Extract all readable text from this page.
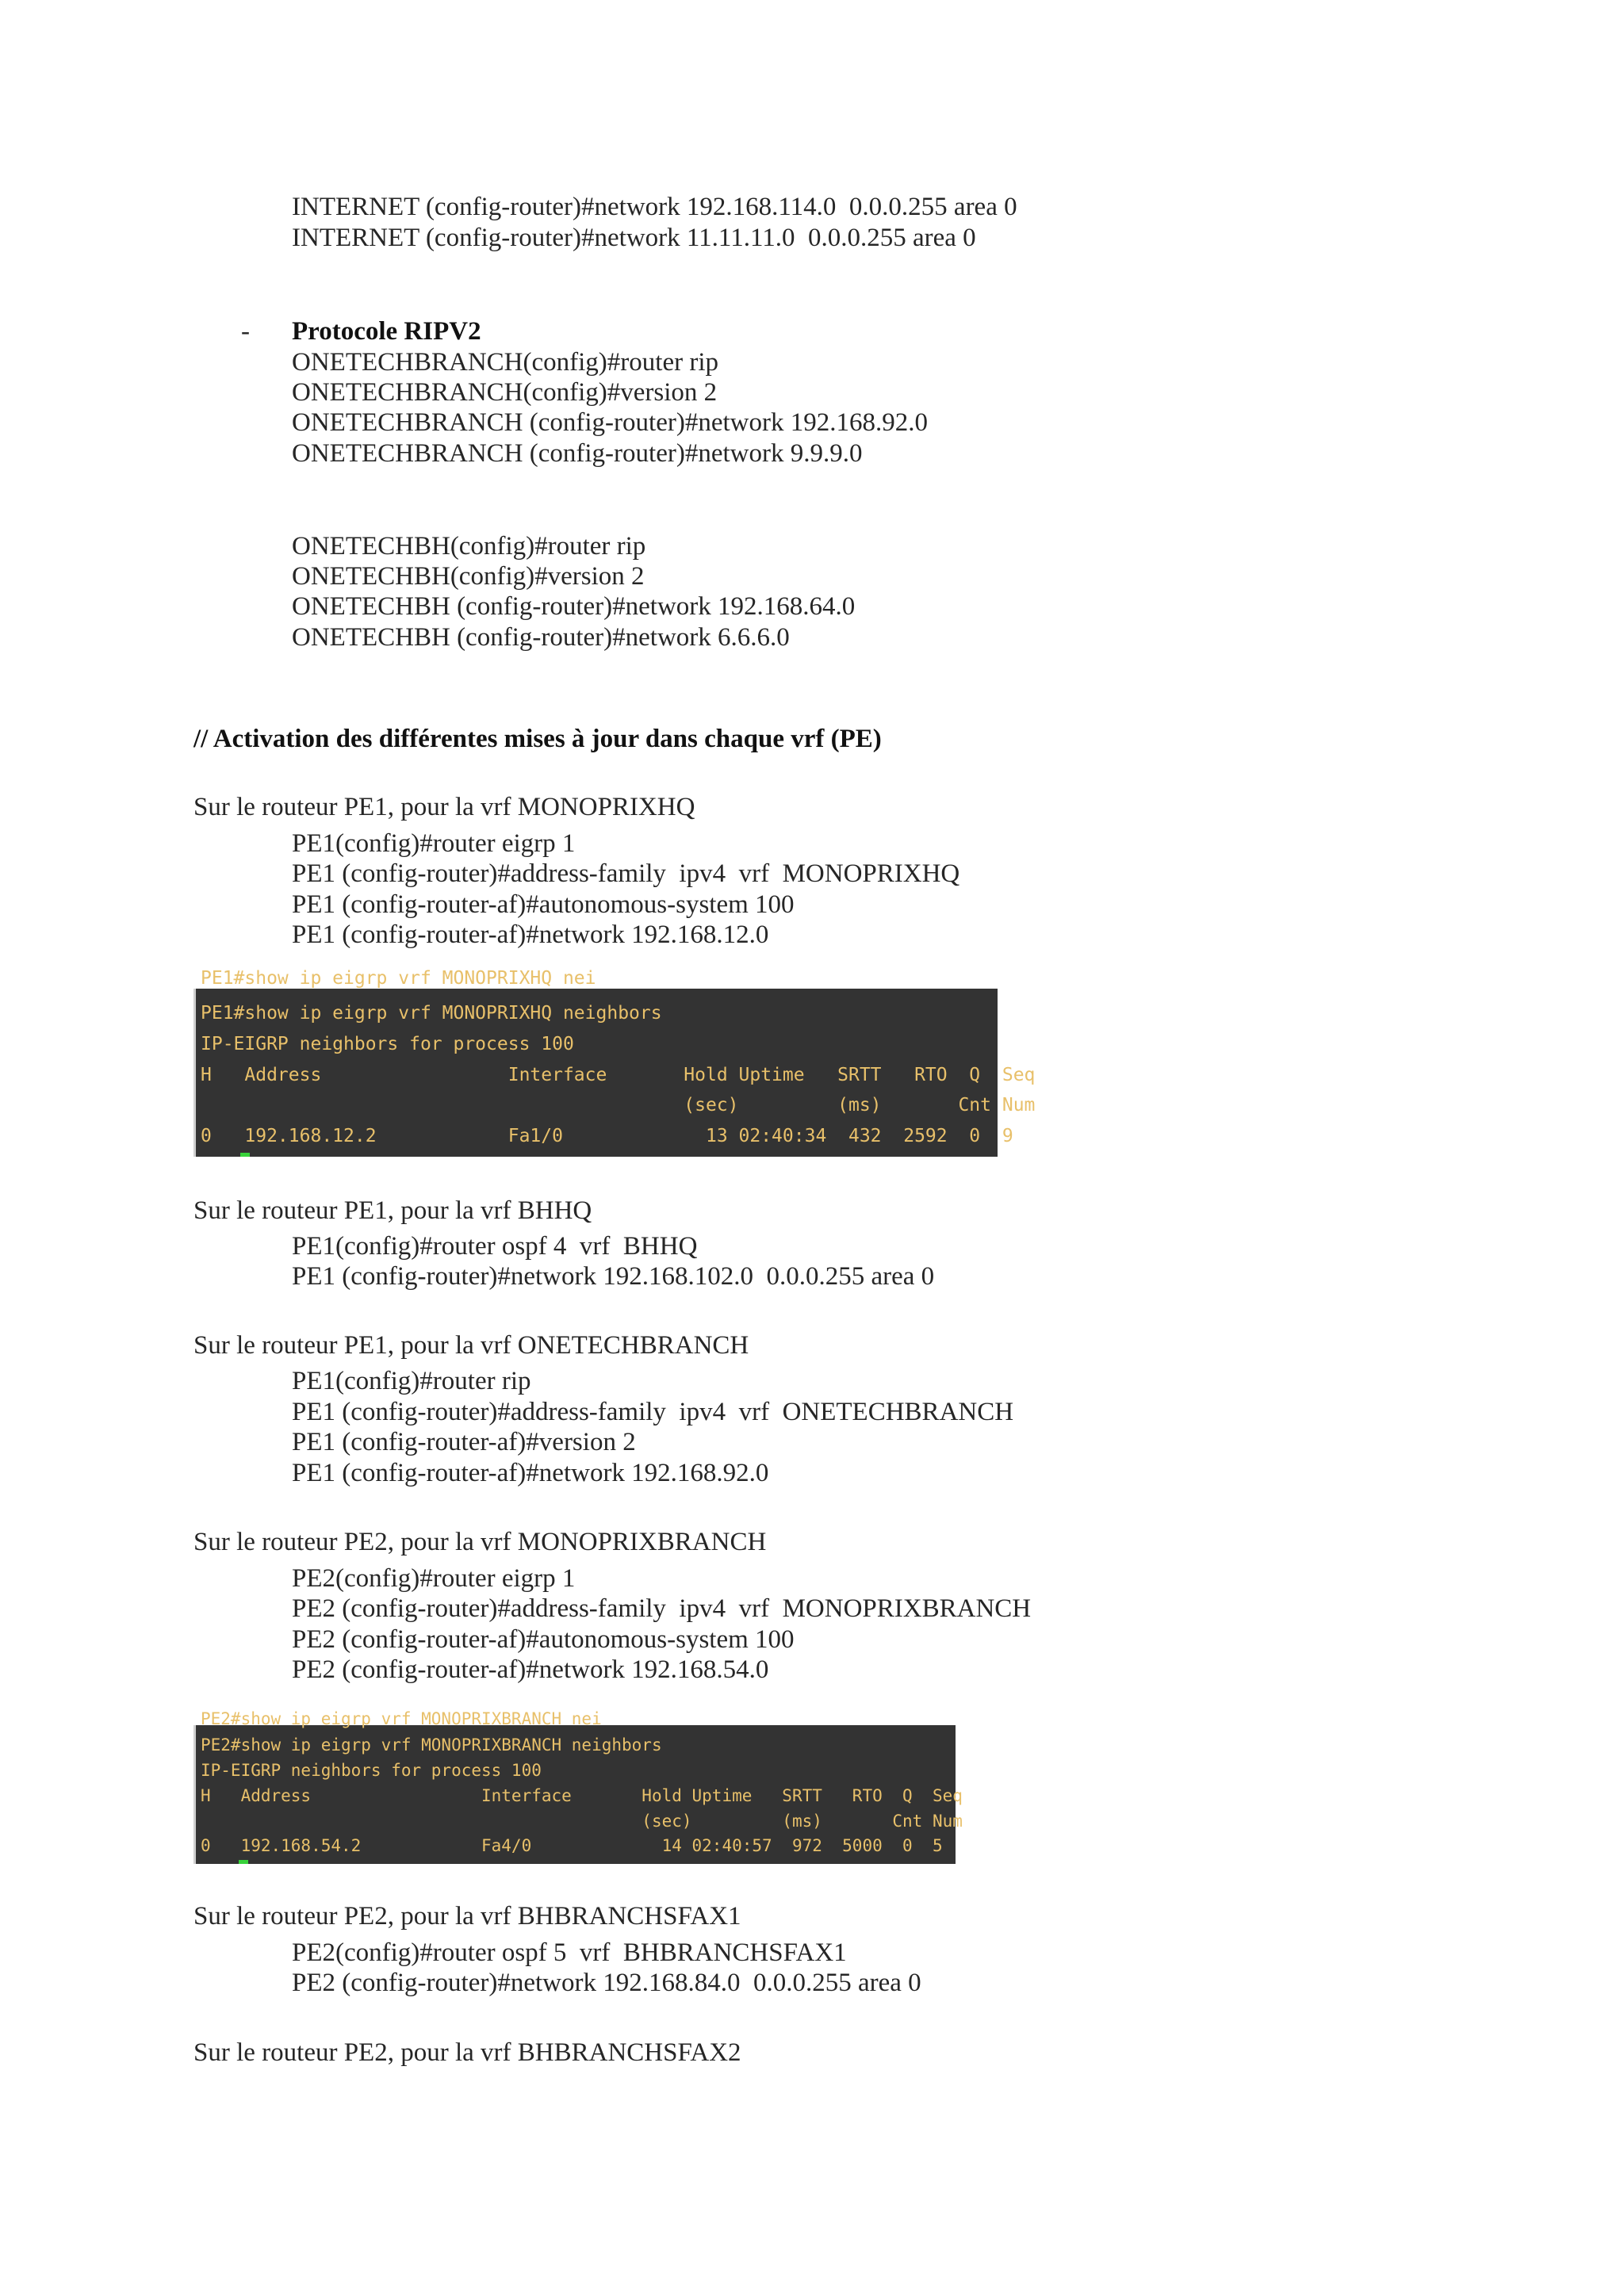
INTERNET (config-router)#network 192.168.114.0  0.0.0.255 area 0
INTERNET (config-router)#network 11.11.11.0  0.0.0.255 area 0
- Protocole RIPV2
ONETECHBRANCH(config)#router rip
ONETECHBRANCH(config)#version 2
ONETECHBRANCH (config-router)#network 192.168.92.0
ONETECHBRANCH (config-router)#network 9.9.9.0
ONETECHBH(config)#router rip
ONETECHBH(config)#version 2
ONETECHBH (config-router)#network 192.168.64.0
ONETECHBH (config-router)#network 6.6.6.0
// Activation des différentes mises à jour dans chaque vrf (PE)
Sur le routeur PE1, pour la vrf MONOPRIXHQ
PE1(config)#router eigrp 1
PE1 (config-router)#address-family  ipv4  vrf  MONOPRIXHQ
PE1 (config-router-af)#autonomous-system 100
PE1 (config-router-af)#network 192.168.12.0
PE1#show ip eigrp vrf MONOPRIXHQ nei
PE1#show ip eigrp vrf MONOPRIXHQ neighbors
IP-EIGRP neighbors for process 100
H   Address                 Interface       Hold Uptime   SRTT   RTO  Q  Seq
(sec)         (ms)       Cnt Num
0   192.168.12.2            Fa1/0             13 02:40:34  432  2592  0  9
Sur le routeur PE1, pour la vrf BHHQ
PE1(config)#router ospf 4  vrf  BHHQ
PE1 (config-router)#network 192.168.102.0  0.0.0.255 area 0
Sur le routeur PE1, pour la vrf ONETECHBRANCH
PE1(config)#router rip
PE1 (config-router)#address-family  ipv4  vrf  ONETECHBRANCH
PE1 (config-router-af)#version 2
PE1 (config-router-af)#network 192.168.92.0
Sur le routeur PE2, pour la vrf MONOPRIXBRANCH
PE2(config)#router eigrp 1
PE2 (config-router)#address-family  ipv4  vrf  MONOPRIXBRANCH
PE2 (config-router-af)#autonomous-system 100
PE2 (config-router-af)#network 192.168.54.0
PE2#show ip eigrp vrf MONOPRIXBRANCH nei
PE2#show ip eigrp vrf MONOPRIXBRANCH neighbors
IP-EIGRP neighbors for process 100
H   Address                 Interface       Hold Uptime   SRTT   RTO  Q  Seq
(sec)         (ms)       Cnt Num
0   192.168.54.2            Fa4/0             14 02:40:57  972  5000  0  5
Sur le routeur PE2, pour la vrf BHBRANCHSFAX1
PE2(config)#router ospf 5  vrf  BHBRANCHSFAX1
PE2 (config-router)#network 192.168.84.0  0.0.0.255 area 0
Sur le routeur PE2, pour la vrf BHBRANCHSFAX2
